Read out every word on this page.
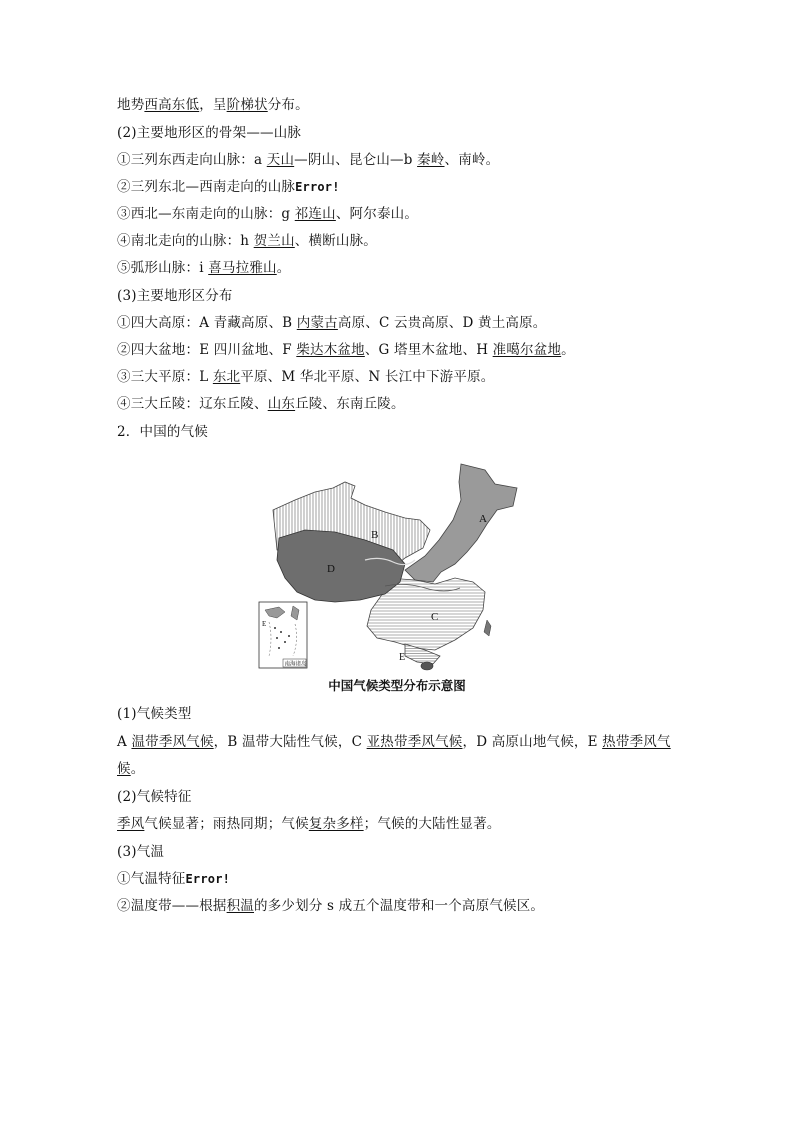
地势西高东低，呈阶梯状分布。
(2)主要地形区的骨架——山脉
①三列东西走向山脉：a 天山—阴山、昆仑山—b 秦岭、南岭。
②三列东北—西南走向的山脉Error!
③西北—东南走向的山脉：g 祁连山、阿尔泰山。
④南北走向的山脉：h 贺兰山、横断山脉。
⑤弧形山脉：i 喜马拉雅山。
(3)主要地形区分布
①四大高原：A 青藏高原、B 内蒙古高原、C 云贵高原、D 黄土高原。
②四大盆地：E 四川盆地、F 柴达木盆地、G 塔里木盆地、H 准噶尔盆地。
③三大平原：L 东北平原、M 华北平原、N 长江中下游平原。
④三大丘陵：辽东丘陵、山东丘陵、东南丘陵。
2．中国的气候
A
B
C
D
E
E
南海诸岛
中国气候类型分布示意图
(1)气候类型
A 温带季风气候，B 温带大陆性气候，C 亚热带季风气候，D 高原山地气候，E 热带季风气
候。
(2)气候特征
季风气候显著；雨热同期；气候复杂多样；气候的大陆性显著。
(3)气温
①气温特征Error!
②温度带——根据积温的多少划分 s 成五个温度带和一个高原气候区。
